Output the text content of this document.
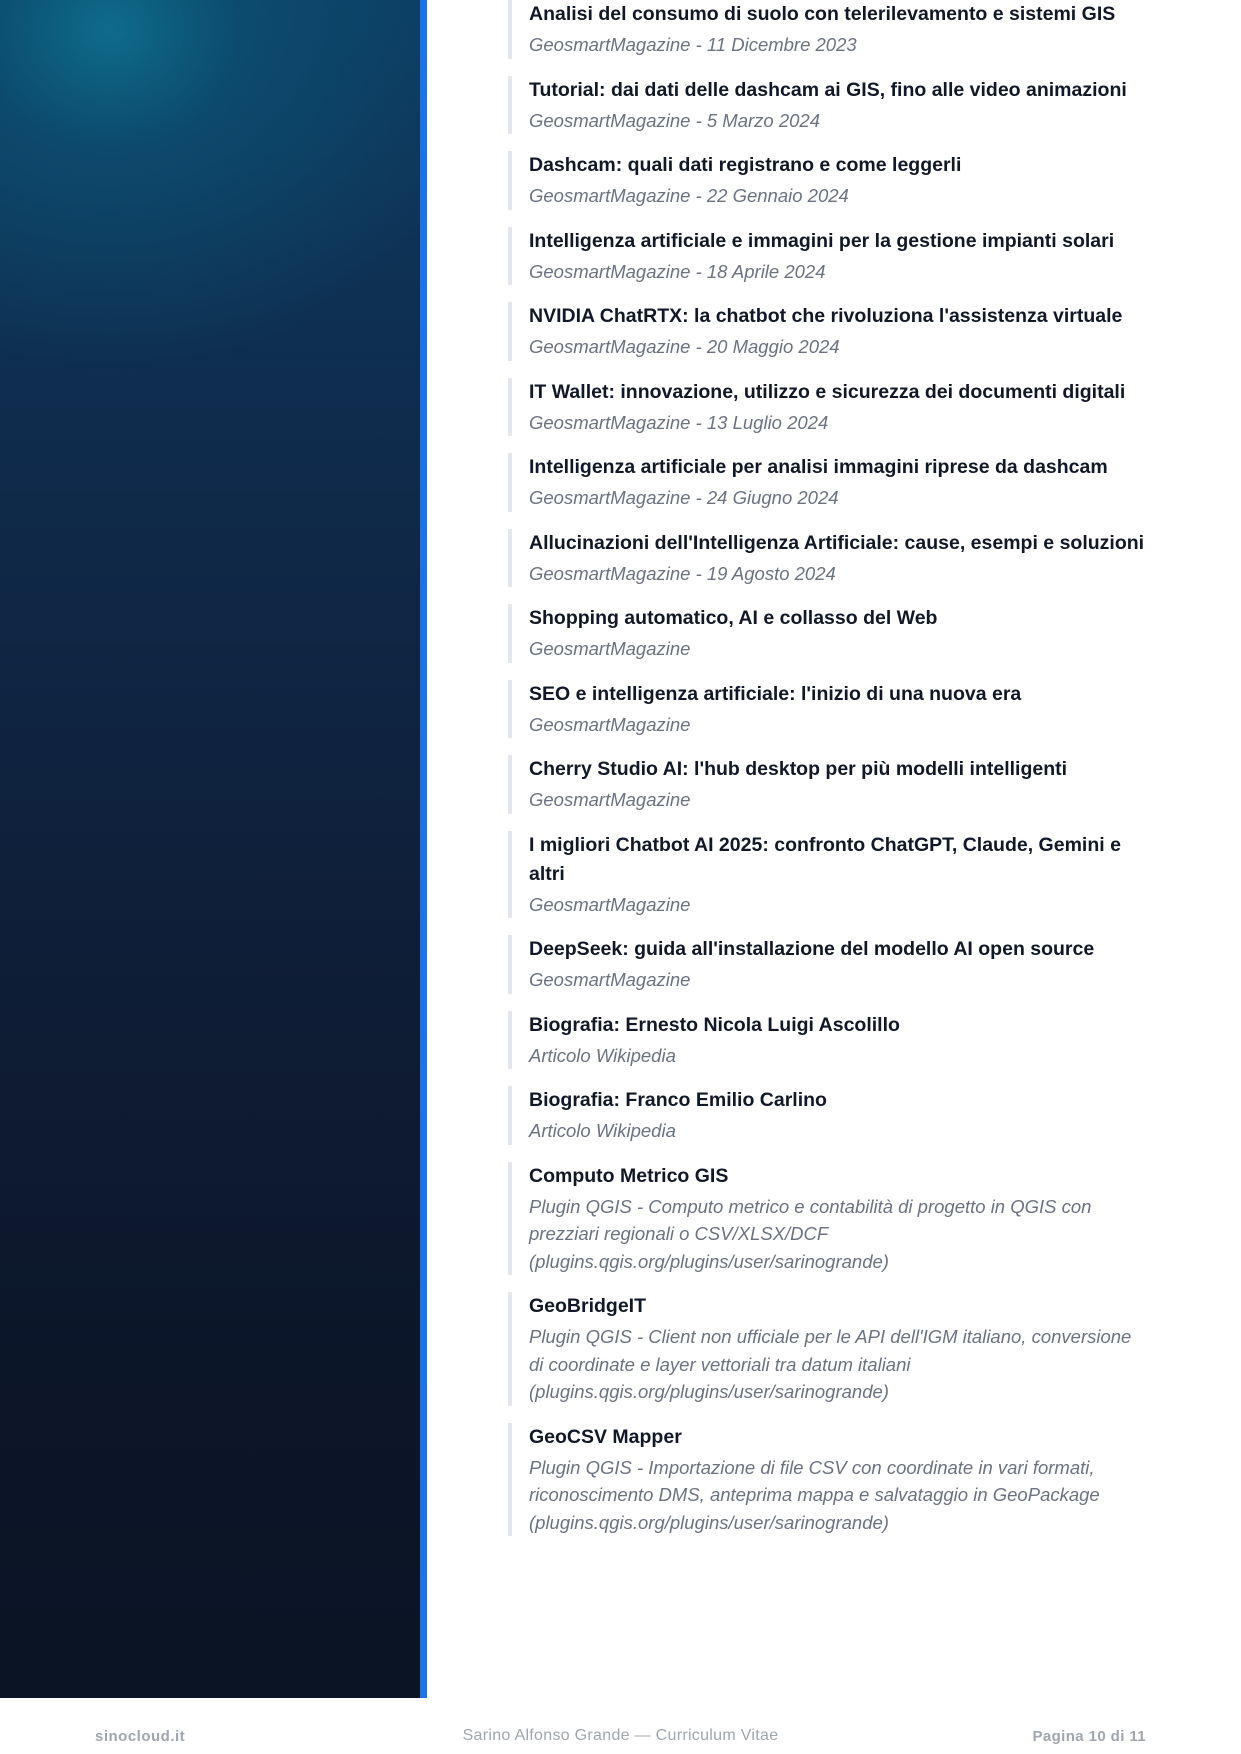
Analisi del consumo di suolo con telerilevamento e sistemi GIS
GeosmartMagazine - 11 Dicembre 2023
Tutorial: dai dati delle dashcam ai GIS, fino alle video animazioni
GeosmartMagazine - 5 Marzo 2024
Dashcam: quali dati registrano e come leggerli
GeosmartMagazine - 22 Gennaio 2024
Intelligenza artificiale e immagini per la gestione impianti solari
GeosmartMagazine - 18 Aprile 2024
NVIDIA ChatRTX: la chatbot che rivoluziona l'assistenza virtuale
GeosmartMagazine - 20 Maggio 2024
IT Wallet: innovazione, utilizzo e sicurezza dei documenti digitali
GeosmartMagazine - 13 Luglio 2024
Intelligenza artificiale per analisi immagini riprese da dashcam
GeosmartMagazine - 24 Giugno 2024
Allucinazioni dell'Intelligenza Artificiale: cause, esempi e soluzioni
GeosmartMagazine - 19 Agosto 2024
Shopping automatico, AI e collasso del Web
GeosmartMagazine
SEO e intelligenza artificiale: l'inizio di una nuova era
GeosmartMagazine
Cherry Studio AI: l'hub desktop per più modelli intelligenti
GeosmartMagazine
I migliori Chatbot AI 2025: confronto ChatGPT, Claude, Gemini e altri
GeosmartMagazine
DeepSeek: guida all'installazione del modello AI open source
GeosmartMagazine
Biografia: Ernesto Nicola Luigi Ascolillo
Articolo Wikipedia
Biografia: Franco Emilio Carlino
Articolo Wikipedia
Computo Metrico GIS
Plugin QGIS - Computo metrico e contabilità di progetto in QGIS con prezziari regionali o CSV/XLSX/DCF (plugins.qgis.org/plugins/user/sarinogrande)
GeoBridgeIT
Plugin QGIS - Client non ufficiale per le API dell'IGM italiano, conversione di coordinate e layer vettoriali tra datum italiani (plugins.qgis.org/plugins/user/sarinogrande)
GeoCSV Mapper
Plugin QGIS - Importazione di file CSV con coordinate in vari formati, riconoscimento DMS, anteprima mappa e salvataggio in GeoPackage (plugins.qgis.org/plugins/user/sarinogrande)
sinocloud.it	Sarino Alfonso Grande — Curriculum Vitae	Pagina 10 di 11
